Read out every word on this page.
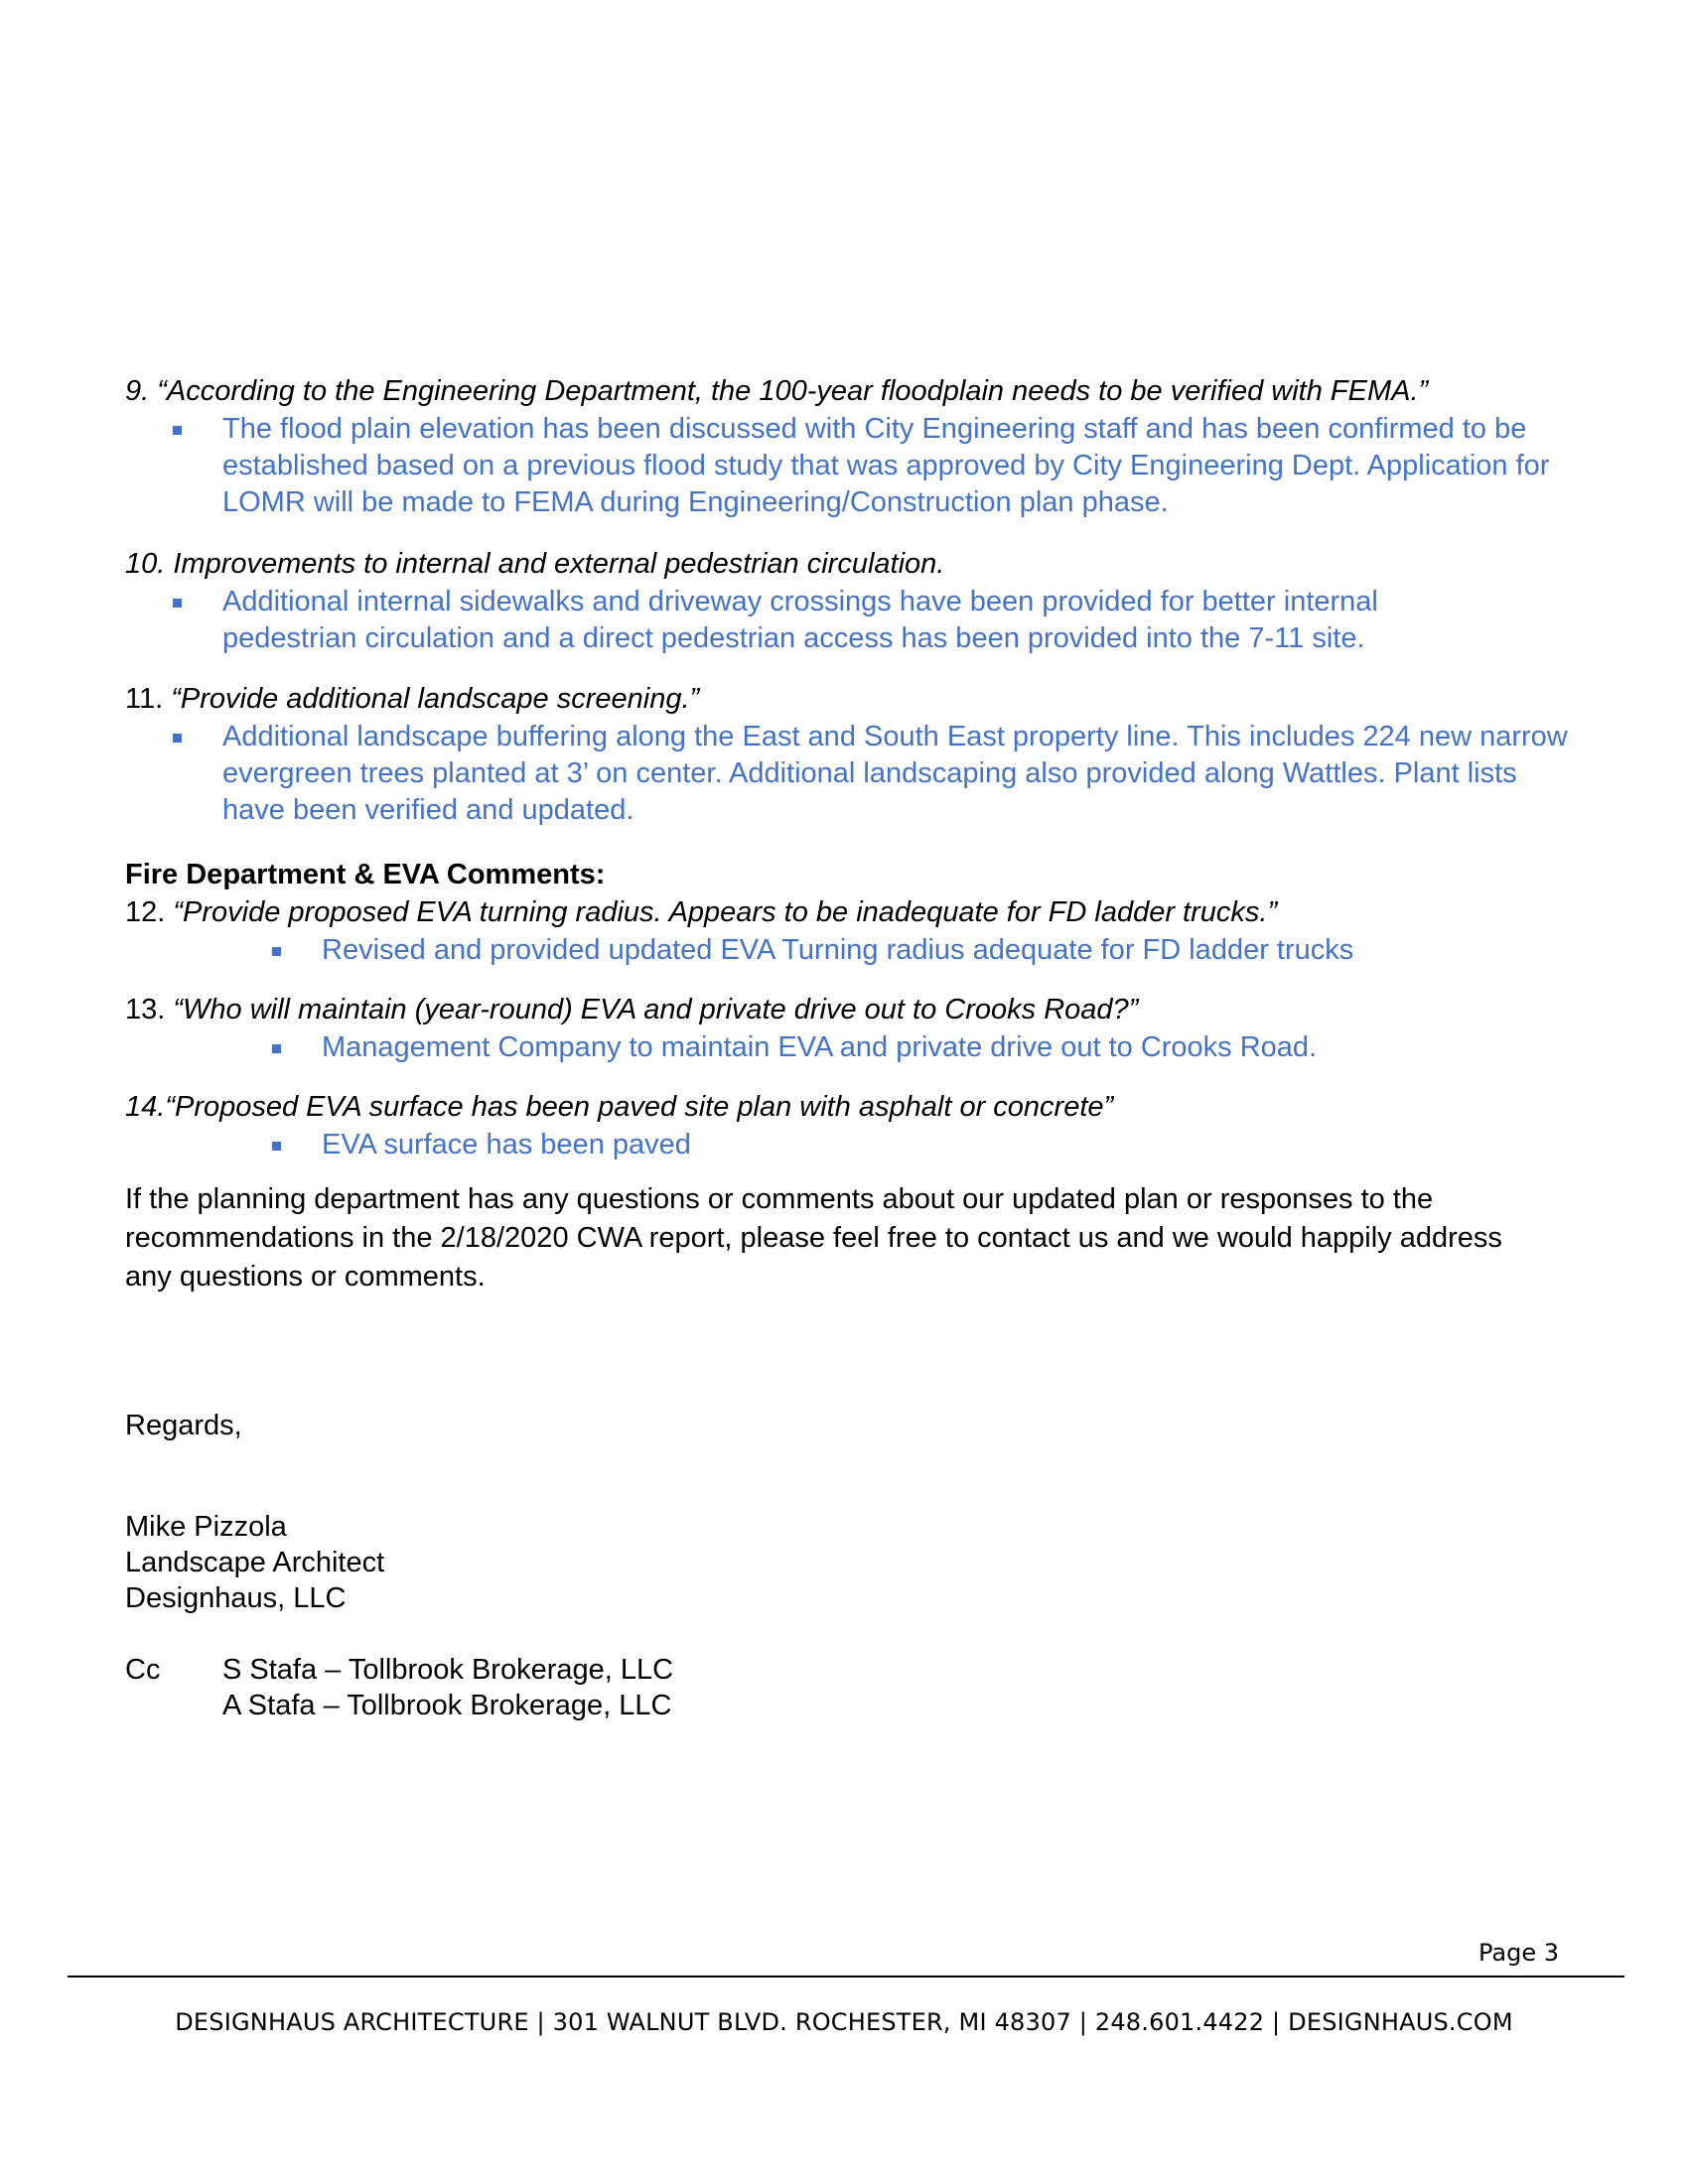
9. “According to the Engineering Department, the 100-year floodplain needs to be verified with FEMA.”
The flood plain elevation has been discussed with City Engineering staff and has been confirmed to be established based on a previous flood study that was approved by City Engineering Dept. Application for LOMR will be made to FEMA during Engineering/Construction plan phase.
10. Improvements to internal and external pedestrian circulation.
Additional internal sidewalks and driveway crossings have been provided for better internal pedestrian circulation and a direct pedestrian access has been provided into the 7-11 site.
11. “Provide additional landscape screening.”
Additional landscape buffering along the East and South East property line. This includes 224 new narrow evergreen trees planted at 3’ on center. Additional landscaping also provided along Wattles. Plant lists have been verified and updated.
Fire Department & EVA Comments:
12. “Provide proposed EVA turning radius. Appears to be inadequate for FD ladder trucks.”
Revised and provided updated EVA Turning radius adequate for FD ladder trucks
13. “Who will maintain (year-round) EVA and private drive out to Crooks Road?”
Management Company to maintain EVA and private drive out to Crooks Road.
14.“Proposed EVA surface has been paved site plan with asphalt or concrete”
EVA surface has been paved
If the planning department has any questions or comments about our updated plan or responses to the recommendations in the 2/18/2020 CWA report, please feel free to contact us and we would happily address any questions or comments.
Regards,
Mike Pizzola
Landscape Architect
Designhaus, LLC
Cc S Stafa – Tollbrook Brokerage, LLC
A Stafa – Tollbrook Brokerage, LLC
Page 3
DESIGNHAUS ARCHITECTURE | 301 WALNUT BLVD. ROCHESTER, MI 48307 | 248.601.4422 | DESIGNHAUS.COM
